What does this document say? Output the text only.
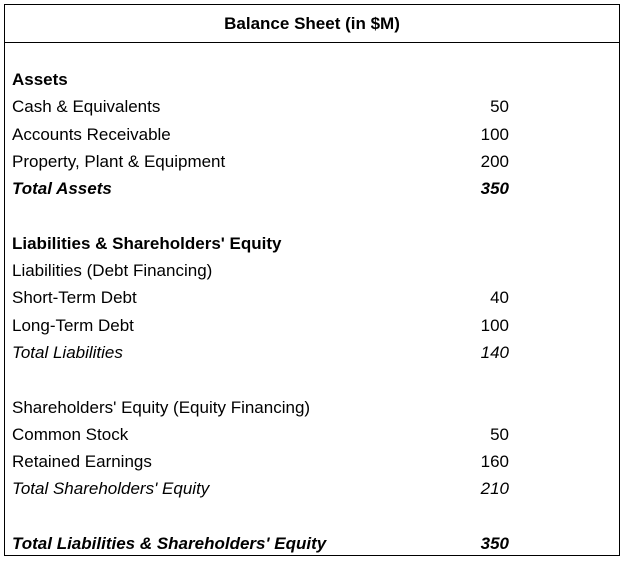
Balance Sheet (in $M)
Assets
Cash & Equivalents	50
Accounts Receivable	100
Property, Plant & Equipment	200
Total Assets	350
Liabilities & Shareholders' Equity
Liabilities (Debt Financing)
Short-Term Debt	40
Long-Term Debt	100
Total Liabilities	140
Shareholders' Equity (Equity Financing)
Common Stock	50
Retained Earnings	160
Total Shareholders' Equity	210
Total Liabilities & Shareholders' Equity	350
